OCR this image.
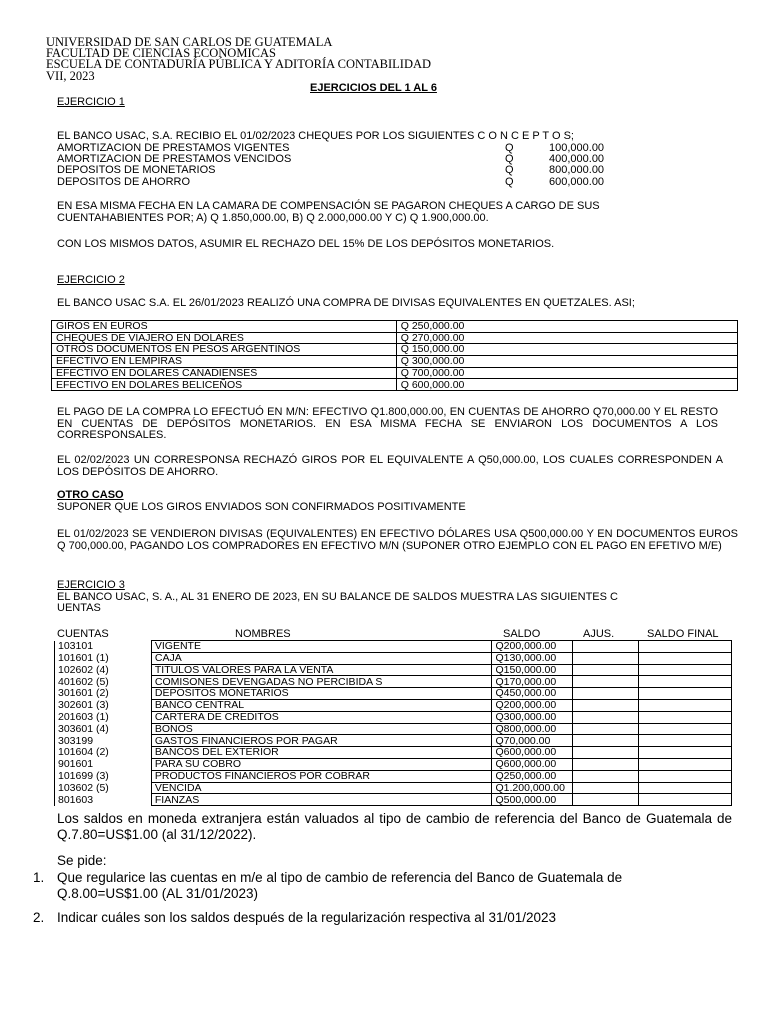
UNIVERSIDAD DE SAN CARLOS DE GUATEMALA
FACULTAD DE CIENCIAS ECONOMICAS
ESCUELA DE CONTADURÍA PÚBLICA Y ADITORÍA CONTABILIDAD
VII, 2023
EJERCICIOS DEL 1 AL 6
EJERCICIO 1
EL BANCO USAC, S.A. RECIBIO EL 01/02/2023 CHEQUES POR LOS SIGUIENTES C O N C E P T O S;
AMORTIZACION DE PRESTAMOS VIGENTES	Q	100,000.00
AMORTIZACION DE PRESTAMOS VENCIDOS	Q	400,000.00
DEPOSITOS DE MONETARIOS	Q	800,000.00
DEPOSITOS DE AHORRO	Q	600,000.00
EN ESA MISMA FECHA EN LA CAMARA DE COMPENSACIÓN SE PAGARON CHEQUES A CARGO DE SUS CUENTAHABIENTES POR; A) Q 1.850,000.00, B) Q 2.000,000.00 Y C) Q 1.900,000.00.
CON LOS MISMOS DATOS, ASUMIR EL RECHAZO DEL 15% DE LOS DEPÓSITOS MONETARIOS.
EJERCICIO 2
EL BANCO USAC S.A. EL 26/01/2023 REALIZÓ UNA COMPRA DE DIVISAS EQUIVALENTES EN QUETZALES. ASI;
GIROS EN EUROS	Q 250,000.00
CHEQUES DE VIAJERO EN DOLARES	Q 270,000.00
OTROS DOCUMENTOS EN PESOS ARGENTINOS	Q 150,000.00
EFECTIVO EN LEMPIRAS	Q 300,000.00
EFECTIVO EN DOLARES CANADIENSES	Q 700,000.00
EFECTIVO EN DOLARES BELICEÑOS	Q 600,000.00
EL PAGO DE LA COMPRA LO EFECTUÓ EN M/N: EFECTIVO Q1.800,000.00, EN CUENTAS DE AHORRO Q70,000.00 Y EL RESTO EN CUENTAS DE DEPÓSITOS MONETARIOS. EN ESA MISMA FECHA SE ENVIARON LOS DOCUMENTOS A LOS CORRESPONSALES.
EL 02/02/2023 UN CORRESPONSA RECHAZÓ GIROS POR EL EQUIVALENTE A Q50,000.00, LOS CUALES CORRESPONDEN A LOS DEPÓSITOS DE AHORRO.
OTRO CASO
SUPONER QUE LOS GIROS ENVIADOS SON CONFIRMADOS POSITIVAMENTE
EL 01/02/2023 SE VENDIERON DIVISAS (EQUIVALENTES) EN EFECTIVO DÓLARES USA Q500,000.00 Y EN DOCUMENTOS EUROS Q 700,000.00, PAGANDO LOS COMPRADORES EN EFECTIVO M/N (SUPONER OTRO EJEMPLO CON EL PAGO EN EFETIVO M/E)
EJERCICIO 3
EL BANCO USAC, S. A., AL 31 ENERO DE 2023, EN SU BALANCE DE SALDOS MUESTRA LAS SIGUIENTES C
UENTAS
CUENTAS	NOMBRES	SALDO	AJUS.	SALDO FINAL
103101	VIGENTE	Q200,000.00		
101601 (1)	CAJA	Q130,000.00		
102602 (4)	TITULOS VALORES PARA LA VENTA	Q150,000.00		
401602 (5)	COMISONES DEVENGADAS NO PERCIBIDA S	Q170,000.00		
301601 (2)	DEPOSITOS MONETARIOS	Q450,000.00		
302601 (3)	BANCO CENTRAL	Q200,000.00		
201603 (1)	CARTERA DE CREDITOS	Q300,000.00		
303601 (4)	BONOS	Q800,000.00		
303199	GASTOS FINANCIEROS POR PAGAR	Q70,000.00		
101604 (2)	BANCOS DEL EXTERIOR	Q600,000.00		
901601	PARA SU COBRO	Q600,000.00		
101699 (3)	PRODUCTOS FINANCIEROS POR COBRAR	Q250,000.00		
103602 (5)	VENCIDA	Q1.200,000.00		
801603	FIANZAS	Q500,000.00		
Los saldos en moneda extranjera están valuados al tipo de cambio de referencia del Banco de Guatemala de Q.7.80=US$1.00 (al 31/12/2022).
Se pide:
1. Que regularice las cuentas en m/e al tipo de cambio de referencia del Banco de Guatemala de Q.8.00=US$1.00 (AL 31/01/2023)
2. Indicar cuáles son los saldos después de la regularización respectiva al 31/01/2023
